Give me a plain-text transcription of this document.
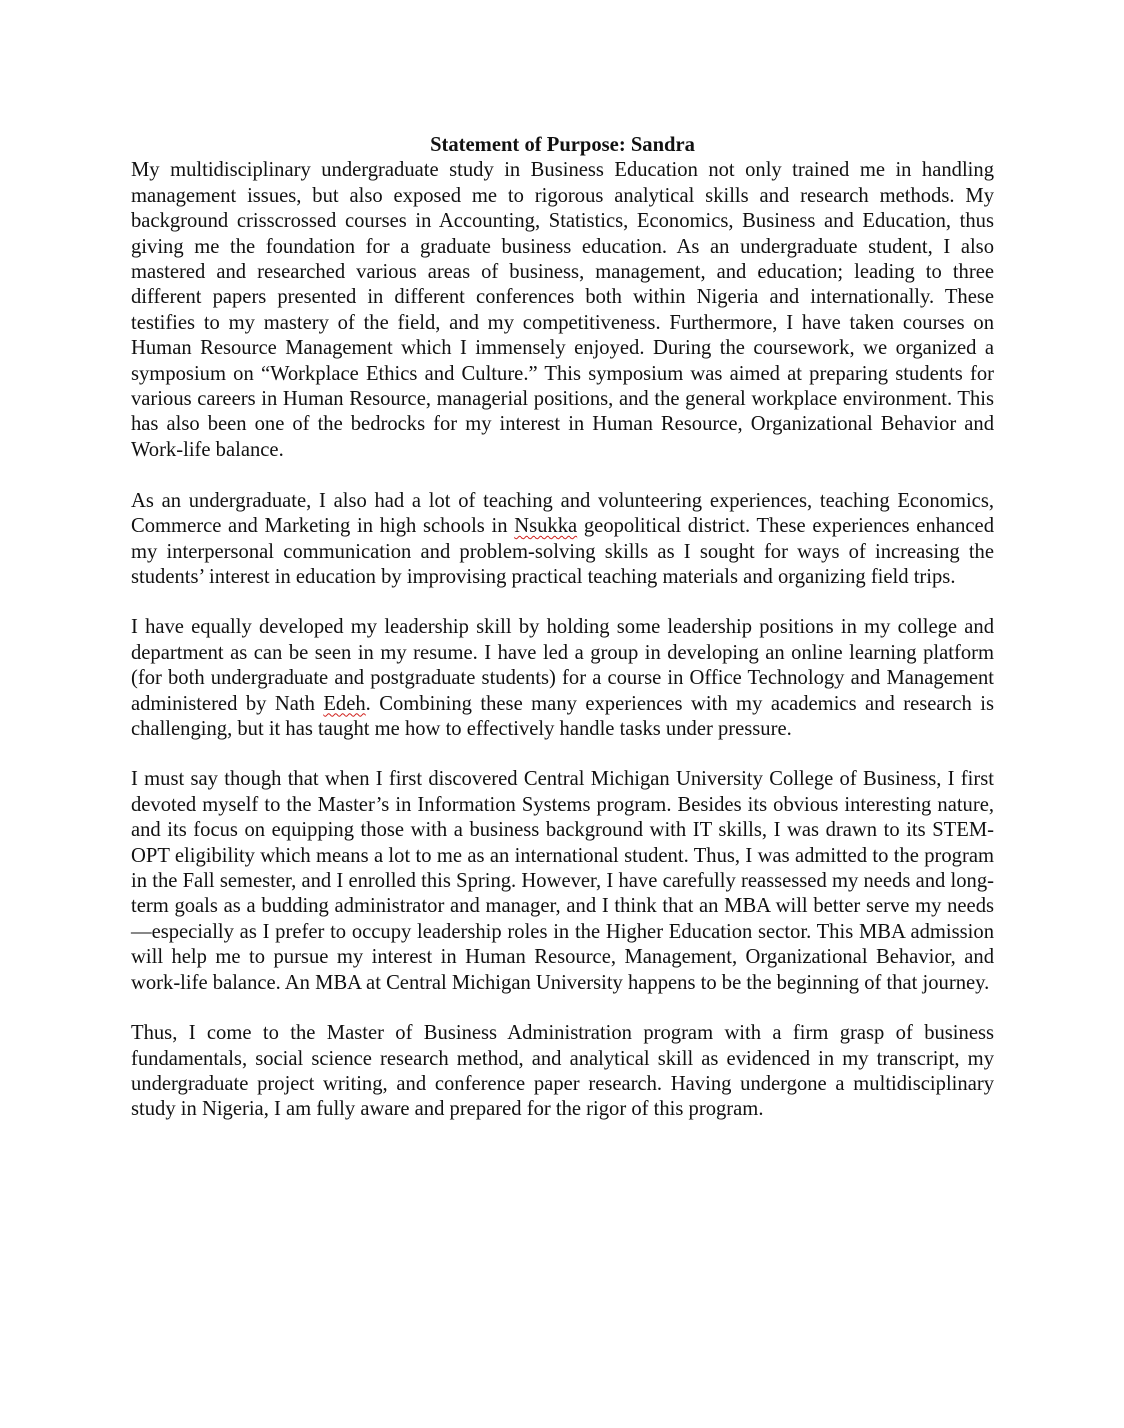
Statement of Purpose: Sandra

My multidisciplinary undergraduate study in Business Education not only trained me in handling management issues, but also exposed me to rigorous analytical skills and research methods. My background crisscrossed courses in Accounting, Statistics, Economics, Business and Education, thus giving me the foundation for a graduate business education. As an undergraduate student, I also mastered and researched various areas of business, management, and education; leading to three different papers presented in different conferences both within Nigeria and internationally. These testifies to my mastery of the field, and my competitiveness. Furthermore, I have taken courses on Human Resource Management which I immensely enjoyed. During the coursework, we organized a symposium on “Workplace Ethics and Culture.” This symposium was aimed at preparing students for various careers in Human Resource, managerial positions, and the general workplace environment. This has also been one of the bedrocks for my interest in Human Resource, Organizational Behavior and Work-life balance.

As an undergraduate, I also had a lot of teaching and volunteering experiences, teaching Economics, Commerce and Marketing in high schools in Nsukka geopolitical district. These experiences enhanced my interpersonal communication and problem-solving skills as I sought for ways of increasing the students’ interest in education by improvising practical teaching materials and organizing field trips.

I have equally developed my leadership skill by holding some leadership positions in my college and department as can be seen in my resume. I have led a group in developing an online learning platform (for both undergraduate and postgraduate students) for a course in Office Technology and Management administered by Nath Edeh. Combining these many experiences with my academics and research is challenging, but it has taught me how to effectively handle tasks under pressure.

I must say though that when I first discovered Central Michigan University College of Business, I first devoted myself to the Master’s in Information Systems program. Besides its obvious interesting nature, and its focus on equipping those with a business background with IT skills, I was drawn to its STEM-OPT eligibility which means a lot to me as an international student. Thus, I was admitted to the program in the Fall semester, and I enrolled this Spring. However, I have carefully reassessed my needs and long-term goals as a budding administrator and manager, and I think that an MBA will better serve my needs—especially as I prefer to occupy leadership roles in the Higher Education sector. This MBA admission will help me to pursue my interest in Human Resource, Management, Organizational Behavior, and work-life balance. An MBA at Central Michigan University happens to be the beginning of that journey.

Thus, I come to the Master of Business Administration program with a firm grasp of business fundamentals, social science research method, and analytical skill as evidenced in my transcript, my undergraduate project writing, and conference paper research. Having undergone a multidisciplinary study in Nigeria, I am fully aware and prepared for the rigor of this program.
